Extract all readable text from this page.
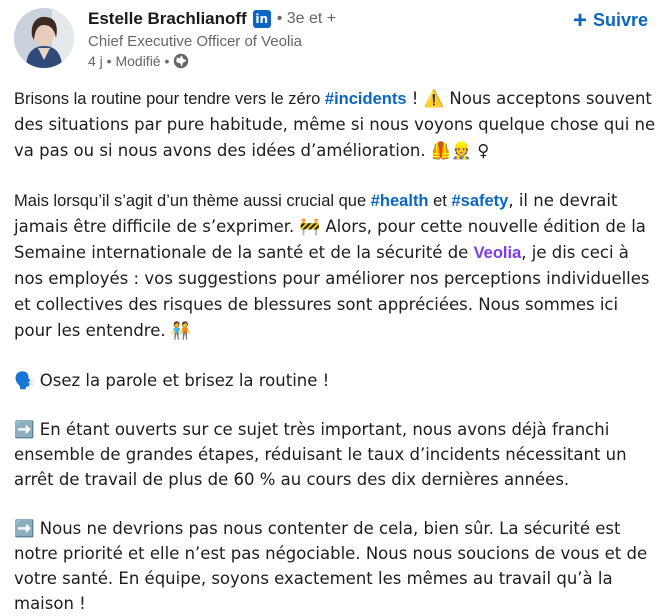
Estelle Brachlianoff in • 3e et +
Chief Executive Officer of Veolia
4 j • Modifié •
+ Suivre

Brisons la routine pour tendre vers le zéro #incidents ! ⚠️ Nous acceptons souvent des situations par pure habitude, même si nous voyons quelque chose qui ne va pas ou si nous avons des idées d’amélioration. 🦺👷 ♀

Mais lorsqu’il s’agit d’un thème aussi crucial que #health et #safety, il ne devrait jamais être difficile de s’exprimer. 🚧 Alors, pour cette nouvelle édition de la Semaine internationale de la santé et de la sécurité de Veolia, je dis ceci à nos employés : vos suggestions pour améliorer nos perceptions individuelles et collectives des risques de blessures sont appréciées. Nous sommes ici pour les entendre. 🧑‍🤝‍🧑

🗣️ Osez la parole et brisez la routine !

➡️ En étant ouverts sur ce sujet très important, nous avons déjà franchi ensemble de grandes étapes, réduisant le taux d’incidents nécessitant un arrêt de travail de plus de 60 % au cours des dix dernières années.

➡️ Nous ne devrions pas nous contenter de cela, bien sûr. La sécurité est notre priorité et elle n’est pas négociable. Nous nous soucions de vous et de votre santé. En équipe, soyons exactement les mêmes au travail qu’à la maison !
